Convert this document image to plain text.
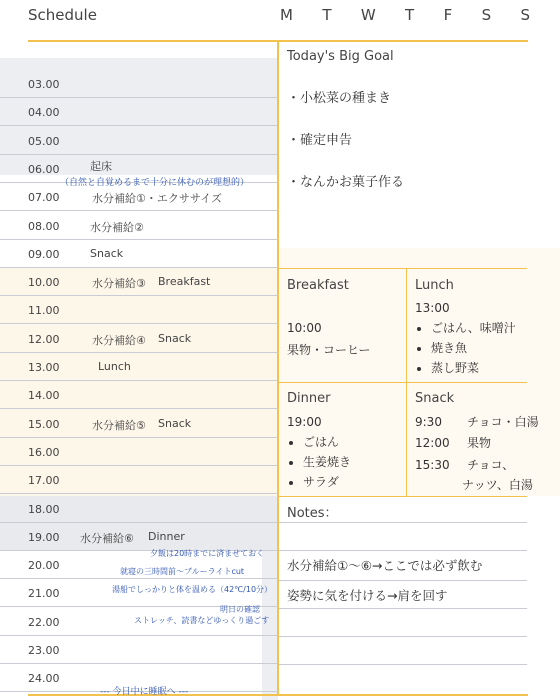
Schedule	M T W T F S S
03.00
04.00
05.00
06.00	起床
07.00	水分補給①・エクササイズ
08.00	水分補給②
09.00	Snack
10.00	水分補給③ Breakfast
11.00
12.00	水分補給④ Snack
13.00	Lunch
14.00
15.00	水分補給⑤ Snack
16.00
17.00
18.00
19.00 水分補給⑥ Dinner
20.00
21.00
22.00
23.00
24.00
（自然と自覚めるまで十分に休むのが理想的）
夕飯は20時までに済ませておく
就寝の三時間前〜ブルーライトcut
湯船でしっかりと体を温める（42℃/10分）
明日の確認
ストレッチ、読書などゆっくり過ごす
--- 今日中に睡眠へ ---
Today's Big Goal
・小松菜の種まき
・確定申告
・なんかお菓子作る
Breakfast
10:00
果物・コーヒー
Lunch
13:00
• ごはん、味噌汁
• 焼き魚
• 蒸し野菜
Dinner
19:00
• ごはん
• 生姜焼き
• サラダ
Snack
9:30 チョコ・白湯
12:00 果物
15:30 チョコ、
ナッツ、白湯
Notes：
水分補給①〜⑥→ここでは必ず飲む
姿勢に気を付ける→肩を回す
